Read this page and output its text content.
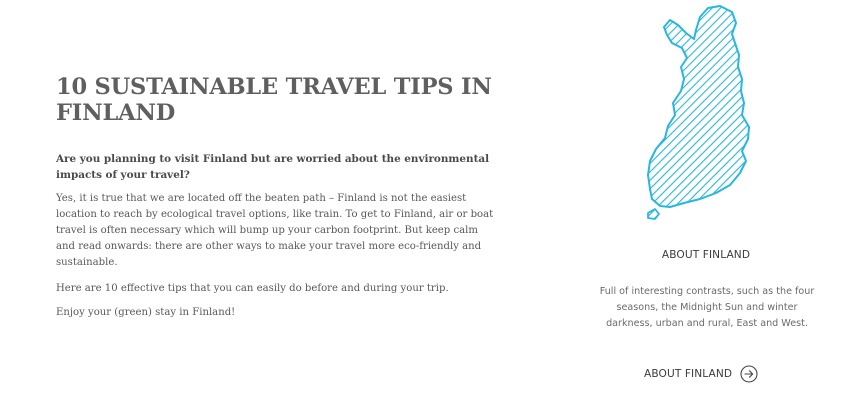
10 SUSTAINABLE TRAVEL TIPS IN FINLAND

Are you planning to visit Finland but are worried about the environmental impacts of your travel?

Yes, it is true that we are located off the beaten path – Finland is not the easiest location to reach by ecological travel options, like train. To get to Finland, air or boat travel is often necessary which will bump up your carbon footprint. But keep calm and read onwards: there are other ways to make your travel more eco-friendly and sustainable.

Here are 10 effective tips that you can easily do before and during your trip.

Enjoy your (green) stay in Finland!

ABOUT FINLAND
Full of interesting contrasts, such as the four seasons, the Midnight Sun and winter darkness, urban and rural, East and West.
ABOUT FINLAND
